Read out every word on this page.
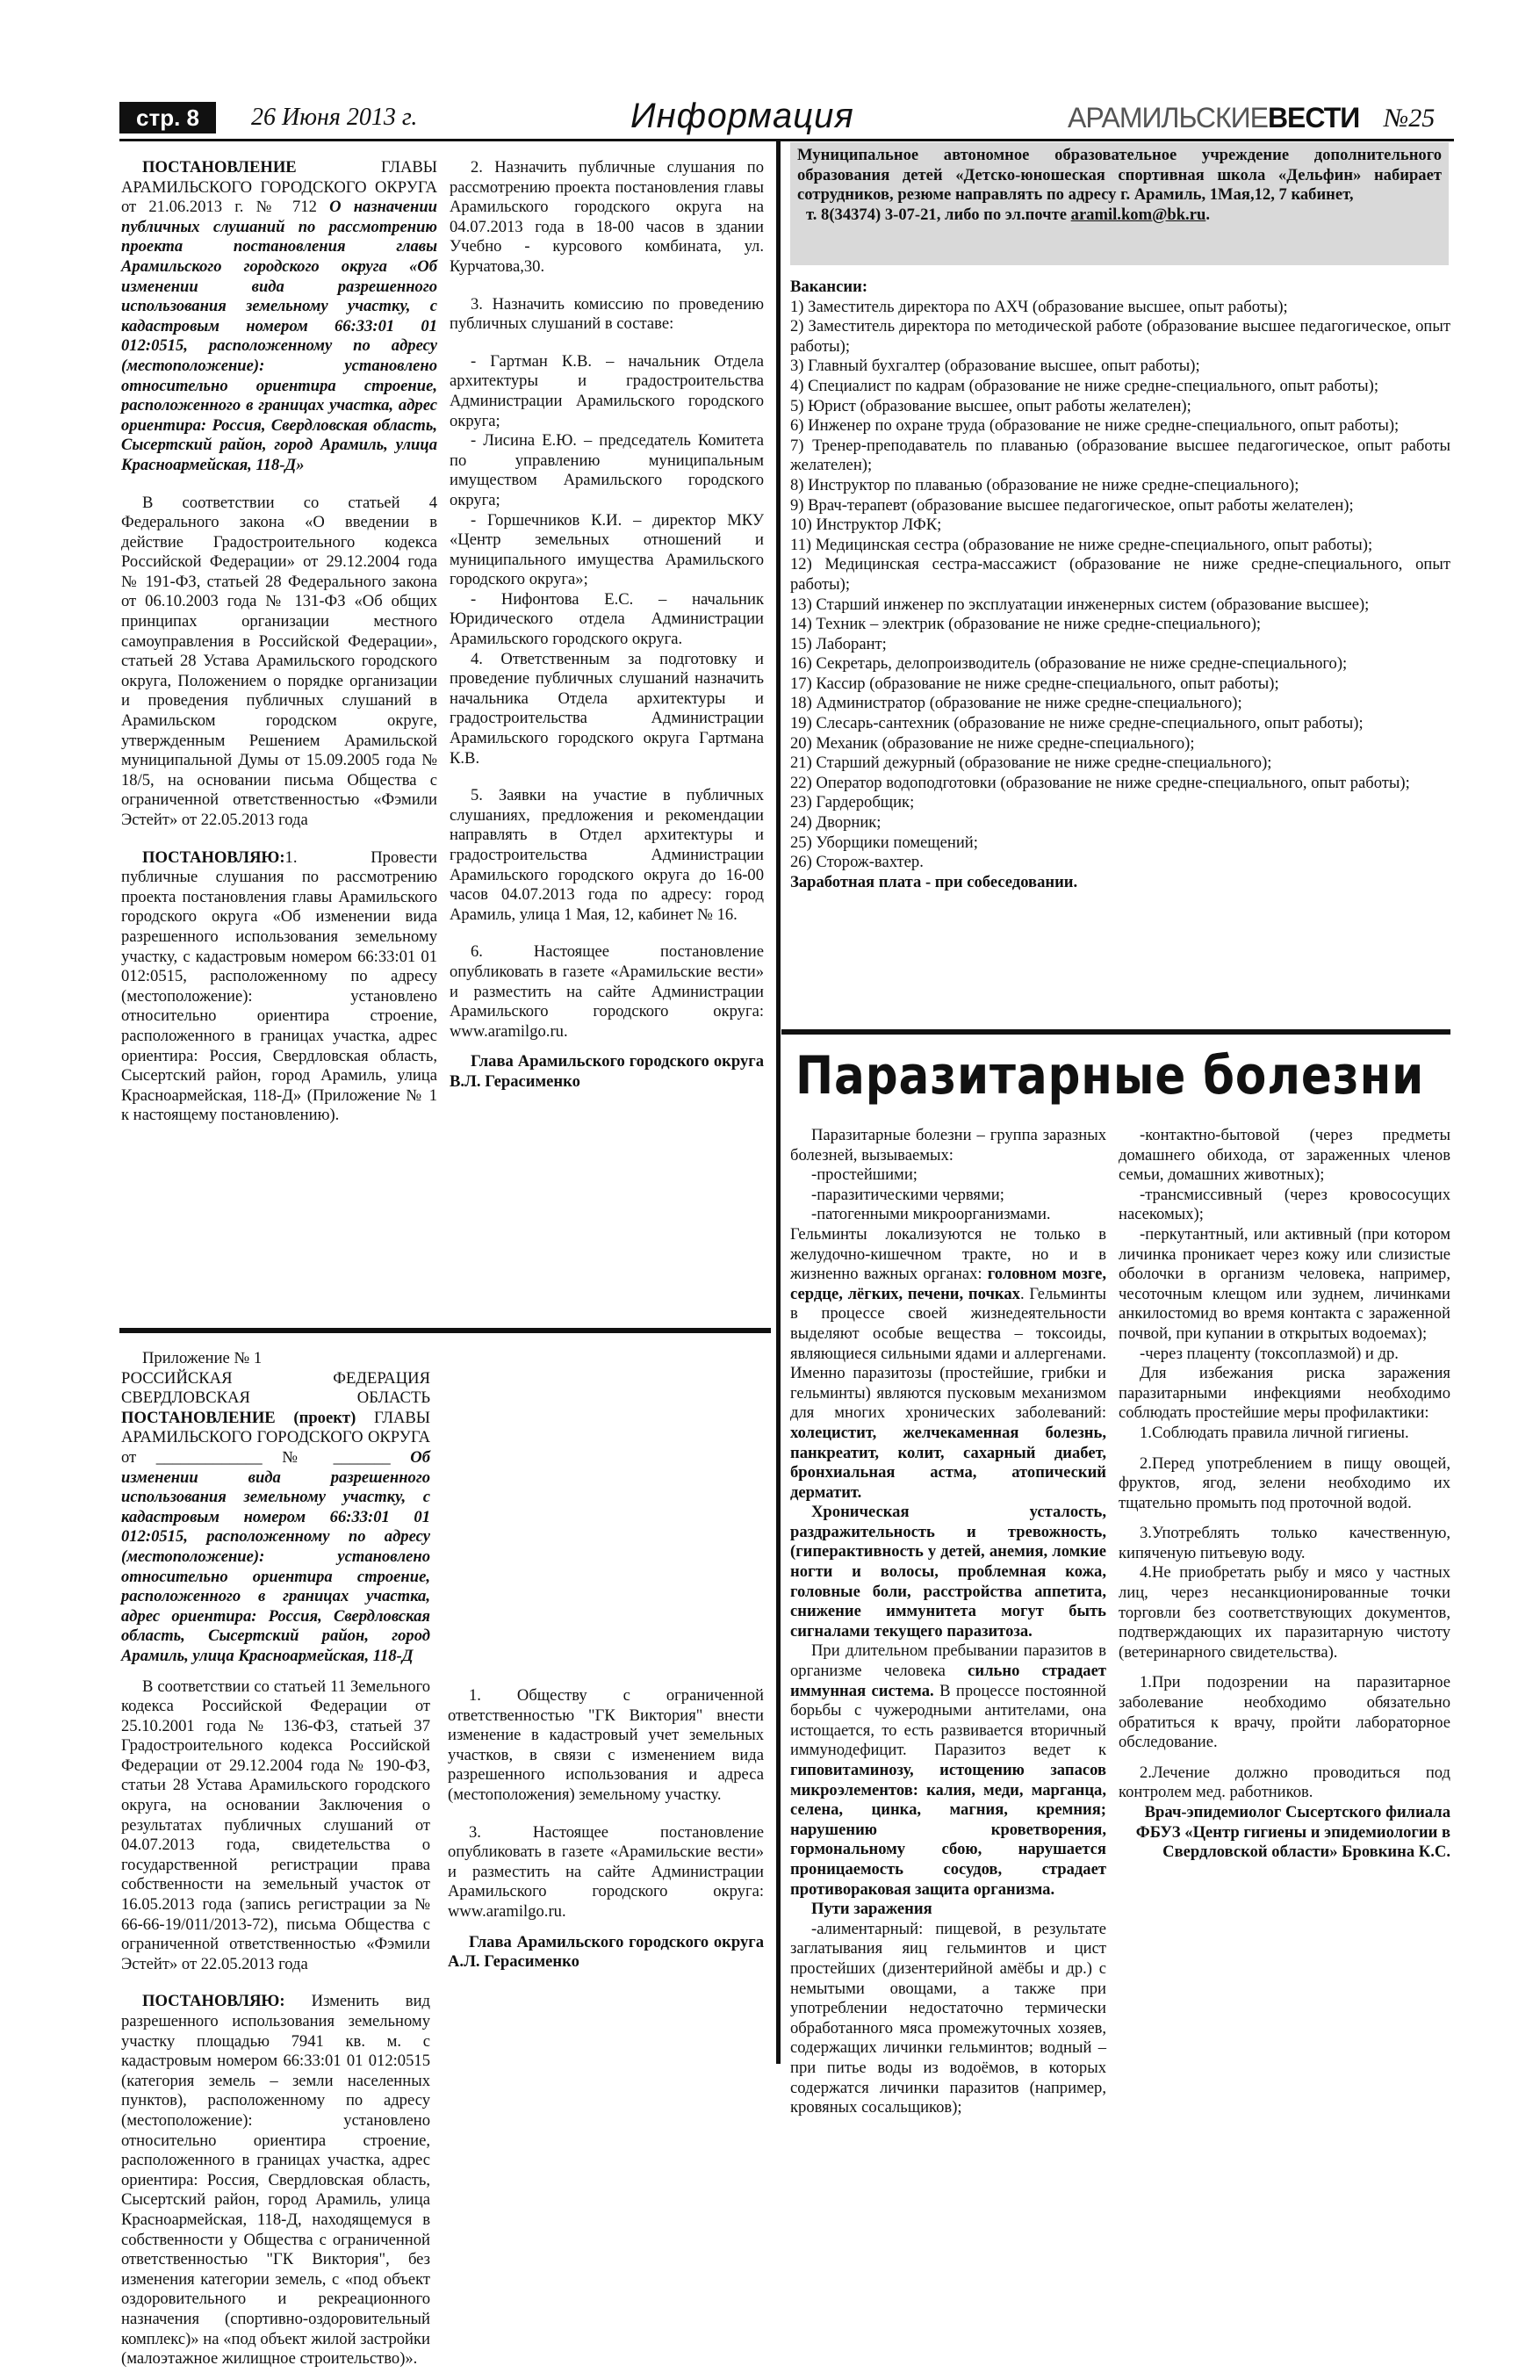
стр. 8	26 Июня 2013 г.	Информация	АРАМИЛЬСКИЕВЕСТИ №25

ПОСТАНОВЛЕНИЕ ГЛАВЫ АРАМИЛЬСКОГО ГОРОДСКОГО ОКРУГА от 21.06.2013 г. № 712 О назначении публичных слушаний по рассмотрению проекта постановления главы Арамильского городского округа «Об изменении вида разрешенного использования земельному участку, с кадастровым номером 66:33:01 01 012:0515, расположенному по адресу (местоположение): установлено относительно ориентира строение, расположенного в границах участка, адрес ориентира: Россия, Свердловская область, Сысертский район, город Арамиль, улица Красноармейская, 118-Д»

В соответствии со статьей 4 Федерального закона «О введении в действие Градостроительного кодекса Российской Федерации» от 29.12.2004 года № 191-ФЗ, статьей 28 Федерального закона от 06.10.2003 года № 131-ФЗ «Об общих принципах организации местного самоуправления в Российской Федерации», статьей 28 Устава Арамильского городского округа, Положением о порядке организации и проведения публичных слушаний в Арамильском городском округе, утвержденным Решением Арамильской муниципальной Думы от 15.09.2005 года № 18/5, на основании письма Общества с ограниченной ответственностью «Фэмили Эстейт» от 22.05.2013 года

ПОСТАНОВЛЯЮ:1. Провести публичные слушания по рассмотрению проекта постановления главы Арамильского городского округа «Об изменении вида разрешенного использования земельному участку, с кадастровым номером 66:33:01 01 012:0515, расположенному по адресу (местоположение): установлено относительно ориентира строение, расположенного в границах участка, адрес ориентира: Россия, Свердловская область, Сысертский район, город Арамиль, улица Красноармейская, 118-Д» (Приложение № 1 к настоящему постановлению).

2. Назначить публичные слушания по рассмотрению проекта постановления главы Арамильского городского округа на 04.07.2013 года в 18-00 часов в здании Учебно - курсового комбината, ул. Курчатова,30.

3. Назначить комиссию по проведению публичных слушаний в составе:

- Гартман К.В. – начальник Отдела архитектуры и градостроительства Администрации Арамильского городского округа;

- Лисина Е.Ю. – председатель Комитета по управлению муниципальным имуществом Арамильского городского округа;

- Горшечников К.И. – директор МКУ «Центр земельных отношений и муниципального имущества Арамильского городского округа»;

- Нифонтова Е.С. – начальник Юридического отдела Администрации Арамильского городского округа.

4. Ответственным за подготовку и проведение публичных слушаний назначить начальника Отдела архитектуры и градостроительства Администрации Арамильского городского округа Гартмана К.В.

5. Заявки на участие в публичных слушаниях, предложения и рекомендации направлять в Отдел архитектуры и градостроительства Администрации Арамильского городского округа до 16-00 часов 04.07.2013 года по адресу: город Арамиль, улица 1 Мая, 12, кабинет № 16.

6. Настоящее постановление опубликовать в газете «Арамильские вести» и разместить на сайте Администрации Арамильского городского округа: www.aramilgo.ru.

Глава Арамильского городского округа В.Л. Герасименко

Приложение № 1

РОССИЙСКАЯ ФЕДЕРАЦИЯ СВЕРДЛОВСКАЯ ОБЛАСТЬ ПОСТАНОВЛЕНИЕ (проект) ГЛАВЫ АРАМИЛЬСКОГО ГОРОДСКОГО ОКРУГА от _____________ № _______ Об изменении вида разрешенного использования земельному участку, с кадастровым номером 66:33:01 01 012:0515, расположенному по адресу (местоположение): установлено относительно ориентира строение, расположенного в границах участка, адрес ориентира: Россия, Свердловская область, Сысертский район, город Арамиль, улица Красноармейская, 118-Д

В соответствии со статьей 11 Земельного кодекса Российской Федерации от 25.10.2001 года № 136-ФЗ, статьей 37 Градостроительного кодекса Российской Федерации от 29.12.2004 года № 190-ФЗ, статьи 28 Устава Арамильского городского округа, на основании Заключения о результатах публичных слушаний от 04.07.2013 года, свидетельства о государственной регистрации права собственности на земельный участок от 16.05.2013 года (запись регистрации за № 66-66-19/011/2013-72), письма Общества с ограниченной ответственностью «Фэмили Эстейт» от 22.05.2013 года

ПОСТАНОВЛЯЮ: Изменить вид разрешенного использования земельному участку площадью 7941 кв. м. с кадастровым номером 66:33:01 01 012:0515 (категория земель – земли населенных пунктов), расположенному по адресу (местоположение): установлено относительно ориентира строение, расположенного в границах участка, адрес ориентира: Россия, Свердловская область, Сысертский район, город Арамиль, улица Красноармейская, 118-Д, находящемуся в собственности у Общества с ограниченной ответственностью "ГК Виктория", без изменения категории земель, с «под объект оздоровительного и рекреационного назначения (спортивно-оздоровительный комплекс)» на «под объект жилой застройки (малоэтажное жилищное строительство)».

1. Обществу с ограниченной ответственностью "ГК Виктория" внести изменение в кадастровый учет земельных участков, в связи с изменением вида разрешенного использования и адреса (местоположения) земельному участку.

3. Настоящее постановление опубликовать в газете «Арамильские вести» и разместить на сайте Администрации Арамильского городского округа: www.aramilgo.ru.

Глава Арамильского городского округа А.Л. Герасименко

Муниципальное автономное образовательное учреждение дополнительного образования детей «Детско-юношеская спортивная школа «Дельфин» набирает сотрудников, резюме направлять по адресу г. Арамиль, 1Мая,12, 7 кабинет,

т. 8(34374) 3-07-21, либо по эл.почте aramil.kom@bk.ru.

Вакансии:
1) Заместитель директора по АХЧ (образование высшее, опыт работы);
2) Заместитель директора по методической работе (образование высшее педагогическое, опыт работы);
3) Главный бухгалтер (образование высшее, опыт работы);
4) Специалист по кадрам (образование не ниже средне-специального, опыт работы);
5) Юрист (образование высшее, опыт работы желателен);
6) Инженер по охране труда (образование не ниже средне-специального, опыт работы);
7) Тренер-преподаватель по плаванью (образование высшее педагогическое, опыт работы желателен);
8) Инструктор по плаванью (образование не ниже средне-специального);
9) Врач-терапевт (образование высшее педагогическое, опыт работы желателен);
10) Инструктор ЛФК;
11) Медицинская сестра (образование не ниже средне-специального, опыт работы);
12) Медицинская сестра-массажист (образование не ниже средне-специального, опыт работы);
13) Старший инженер по эксплуатации инженерных систем (образование высшее);
14) Техник – электрик (образование не ниже средне-специального);
15) Лаборант;
16) Секретарь, делопроизводитель (образование не ниже средне-специального);
17) Кассир (образование не ниже средне-специального, опыт работы);
18) Администратор (образование не ниже средне-специального);
19) Слесарь-сантехник (образование не ниже средне-специального, опыт работы);
20) Механик (образование не ниже средне-специального);
21) Старший дежурный (образование не ниже средне-специального);
22) Оператор водоподготовки (образование не ниже средне-специального, опыт работы);
23) Гардеробщик;
24) Дворник;
25) Уборщики помещений;
26) Сторож-вахтер.
Заработная плата - при собеседовании.
Паразитарные болезни

Паразитарные болезни – группа заразных болезней, вызываемых:

-простейшими;

-паразитическими червями;

-патогенными микроорганизмами.

Гельминты локализуются не только в желудочно-кишечном тракте, но и в жизненно важных органах: головном мозге, сердце, лёгких, печени, почках. Гельминты в процессе своей жизнедеятельности выделяют особые вещества – токсоиды, являющиеся сильными ядами и аллергенами. Именно паразитозы (простейшие, грибки и гельминты) являются пусковым механизмом для многих хронических заболеваний: холецистит, желчекаменная болезнь, панкреатит, колит, сахарный диабет, бронхиальная астма, атопический дерматит.

Хроническая усталость, раздражительность и тревожность, (гиперактивность у детей, анемия, ломкие ногти и волосы, проблемная кожа, головные боли, расстройства аппетита, снижение иммунитета могут быть сигналами текущего паразитоза.

При длительном пребывании паразитов в организме человека сильно страдает иммунная система. В процессе постоянной борьбы с чужеродными антителами, она истощается, то есть развивается вторичный иммунодефицит. Паразитоз ведет к гиповитаминозу, истощению запасов микроэлементов: калия, меди, марганца, селена, цинка, магния, кремния; нарушению кроветворения, гормональному сбою, нарушается проницаемость сосудов, страдает противораковая защита организма.

Пути заражения

-алиментарный: пищевой, в результате заглатывания яиц гельминтов и цист простейших (дизентерийной амёбы и др.) с немытыми овощами, а также при употреблении недостаточно термически обработанного мяса промежуточных хозяев, содержащих личинки гельминтов; водный – при питье воды из водоёмов, в которых содержатся личинки паразитов (например, кровяных сосальщиков);

-контактно-бытовой (через предметы домашнего обихода, от зараженных членов семьи, домашних животных);

-трансмиссивный (через кровососущих насекомых);

-перкутантный, или активный (при котором личинка проникает через кожу или слизистые оболочки в организм человека, например, чесоточным клещом или зуднем, личинками анкилостомид во время контакта с зараженной почвой, при купании в открытых водоемах);

-через плаценту (токсоплазмой) и др.

Для избежания риска заражения паразитарными инфекциями необходимо соблюдать простейшие меры профилактики:

1.Соблюдать правила личной гигиены.

2.Перед употреблением в пищу овощей, фруктов, ягод, зелени необходимо их тщательно промыть под проточной водой.

3.Употреблять только качественную, кипяченую питьевую воду.

4.Не приобретать рыбу и мясо у частных лиц, через несанкционированные точки торговли без соответствующих документов, подтверждающих их паразитарную чистоту (ветеринарного свидетельства).

1.При подозрении на паразитарное заболевание необходимо обязательно обратиться к врачу, пройти лабораторное обследование.

2.Лечение должно проводиться под контролем мед. работников.

Врач-эпидемиолог Сысертского филиала ФБУЗ «Центр гигиены и эпидемиологии в Свердловской области» Бровкина К.С.
